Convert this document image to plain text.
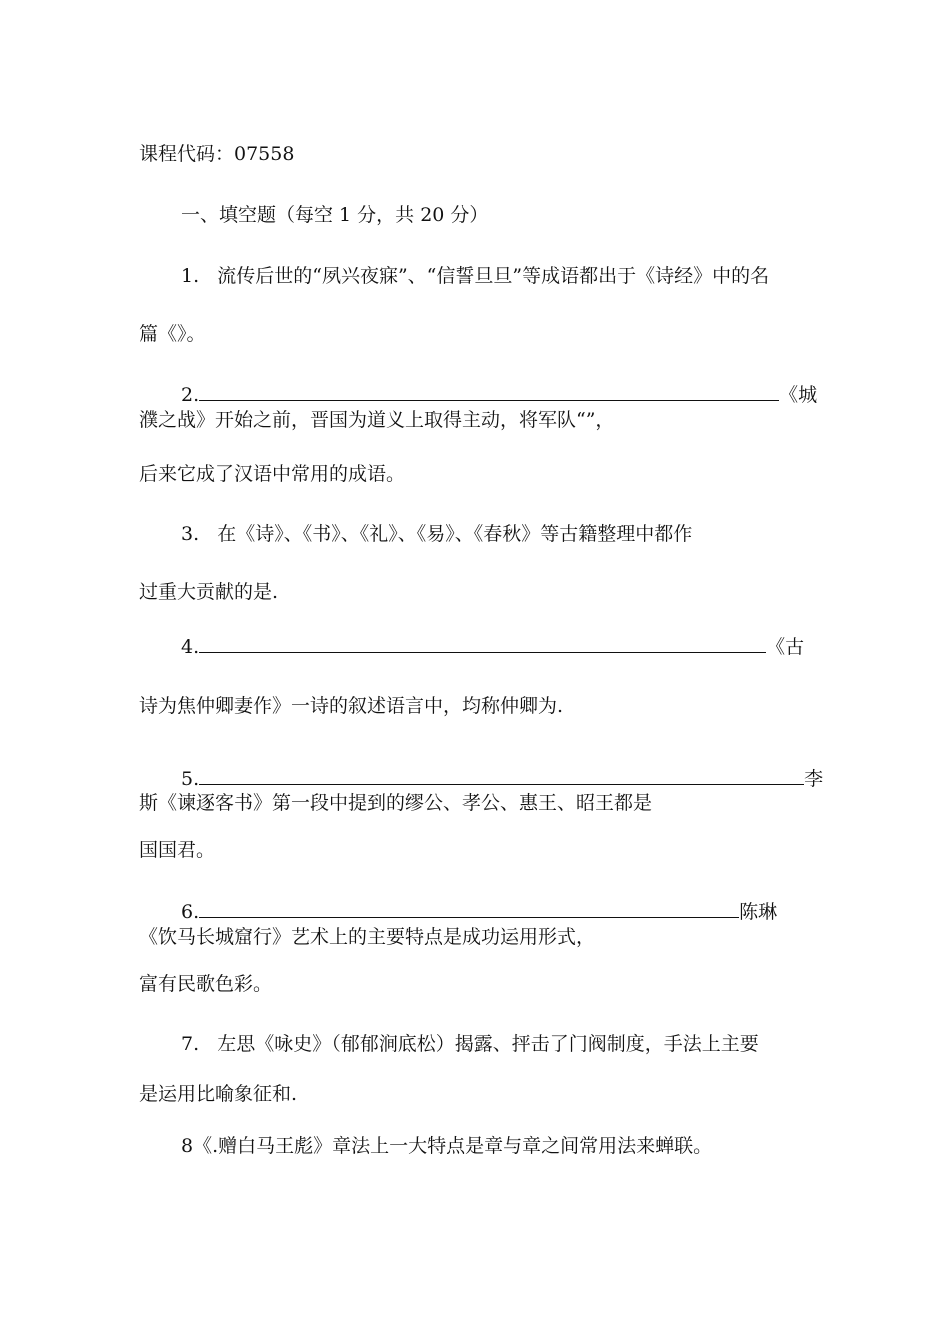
课程代码：07558
一、填空题（每空 1 分，共 20 分）
1.   流传后世的“夙兴夜寐”、“信誓旦旦”等成语都出于《诗经》中的名
篇《》。
2.	《城
濮之战》开始之前，晋国为道义上取得主动，将军队“”，
后来它成了汉语中常用的成语。
3.   在《诗》、《书》、《礼》、《易》、《春秋》等古籍整理中都作
过重大贡献的是.
4.	《古
诗为焦仲卿妻作》一诗的叙述语言中，均称仲卿为.
5.	李
斯《谏逐客书》第一段中提到的缪公、孝公、惠王、昭王都是
国国君。
6.	陈琳
《饮马长城窟行》艺术上的主要特点是成功运用形式，
富有民歌色彩。
7.   左思《咏史》（郁郁涧底松）揭露、抨击了门阀制度，手法上主要
是运用比喻象征和.
8《.赠白马王彪》章法上一大特点是章与章之间常用法来蝉联。
